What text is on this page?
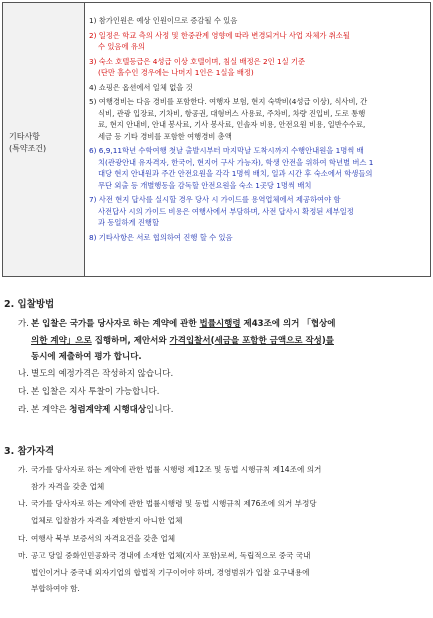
기타사항
(특약조건)
1) 참가인원은 예상 인원이므로 증감될 수 있음
2) 일정은 학교 측의 사정 및 한중관계 영향에 따라 변경되거나 사업 자체가 취소될
수 있음에 유의
3) 숙소 호텔등급은 4성급 이상 호텔이며, 침실 배정은 2인 1실 기준
(단만 홀수인 경우에는 나머지 1인은 1실을 배정)
4) 쇼핑은 옵션에서 일체 없을 것
5) 여행경비는 다음 경비를 포함한다. 여행자 보험, 현지 숙박비(4성급 이상), 식사비, 간
식비, 관광 입장료, 기차비, 항공권, 대형버스 사용료, 주차비, 차량 진입비, 도로 통행
료, 현지 안내비, 안내 봉사료, 기사 봉사료, 인솔자 비용, 안전요원 비용, 일반수수료,
세금 등 기타 경비를 포함한 여행경비 총액
6) 6,9,11학년 수학여행 첫날 출발시부터 마지막날 도착시까지 수행안내원을 1명씩 배
치(관광안내 유자격자, 한국어, 현지어 구사 가능자), 학생 안전을 위하여 학년별 버스 1
대당 현지 안내원과 주간 안전요원을 각각 1명씩 배치, 일과 시간 후 숙소에서 학생들의
무단 외출 등 개별행동을 감독할 안전요원을 숙소 1곳당 1명씩 배치
7) 사전 현지 답사를 실시할 경우 당사 시 가이드를 용역업체에서 제공하여야 함
사전답사 시의 가이드 비용은 여행사에서 부담하며, 사전 답사시 확정된 세부일정
과 동일하게 진행할
8) 기타사항은 서로 협의하여 진행 할 수 있음
2. 입찰방법
가. 본 입찰은 국가를 당사자로 하는 계약에 관한 법률시행령 제43조에 의거 「협상에
의한 계약」으로 집행하며, 제안서와 가격입찰서(세금을 포함한 금액으로 작성)를
동시에 제출하여 평가 합니다.
나. 별도의 예정가격은 작성하지 않습니다.
다. 본 입찰은 지사 투찰이 가능합니다.
라. 본 계약은 청렴계약제 시행대상입니다.
3. 참가자격
가. 국가를 당사자로 하는 계약에 관한 법률 시행령 제12조 및 동법 시행규칙 제14조에 의거
참가 자격을 갖춘 업체
나. 국가를 당사자로 하는 계약에 관한 법률시행령 및 동법 시행규칙 제76조에 의거 부정당
업체로 입찰참가 자격을 제한받지 아니한 업체
다. 여행사 북부 보증서의 자격요건을 갖춘 업체
마. 공고 당일 중화인민공화국 경내에 소재한 업체(지사 포함)로써, 독립적으로 중국 국내
법인이거나 중국내 외자기업의 합법적 기구이어야 하며, 경영범위가 입찰 요구내용에
부합하여야 함.
